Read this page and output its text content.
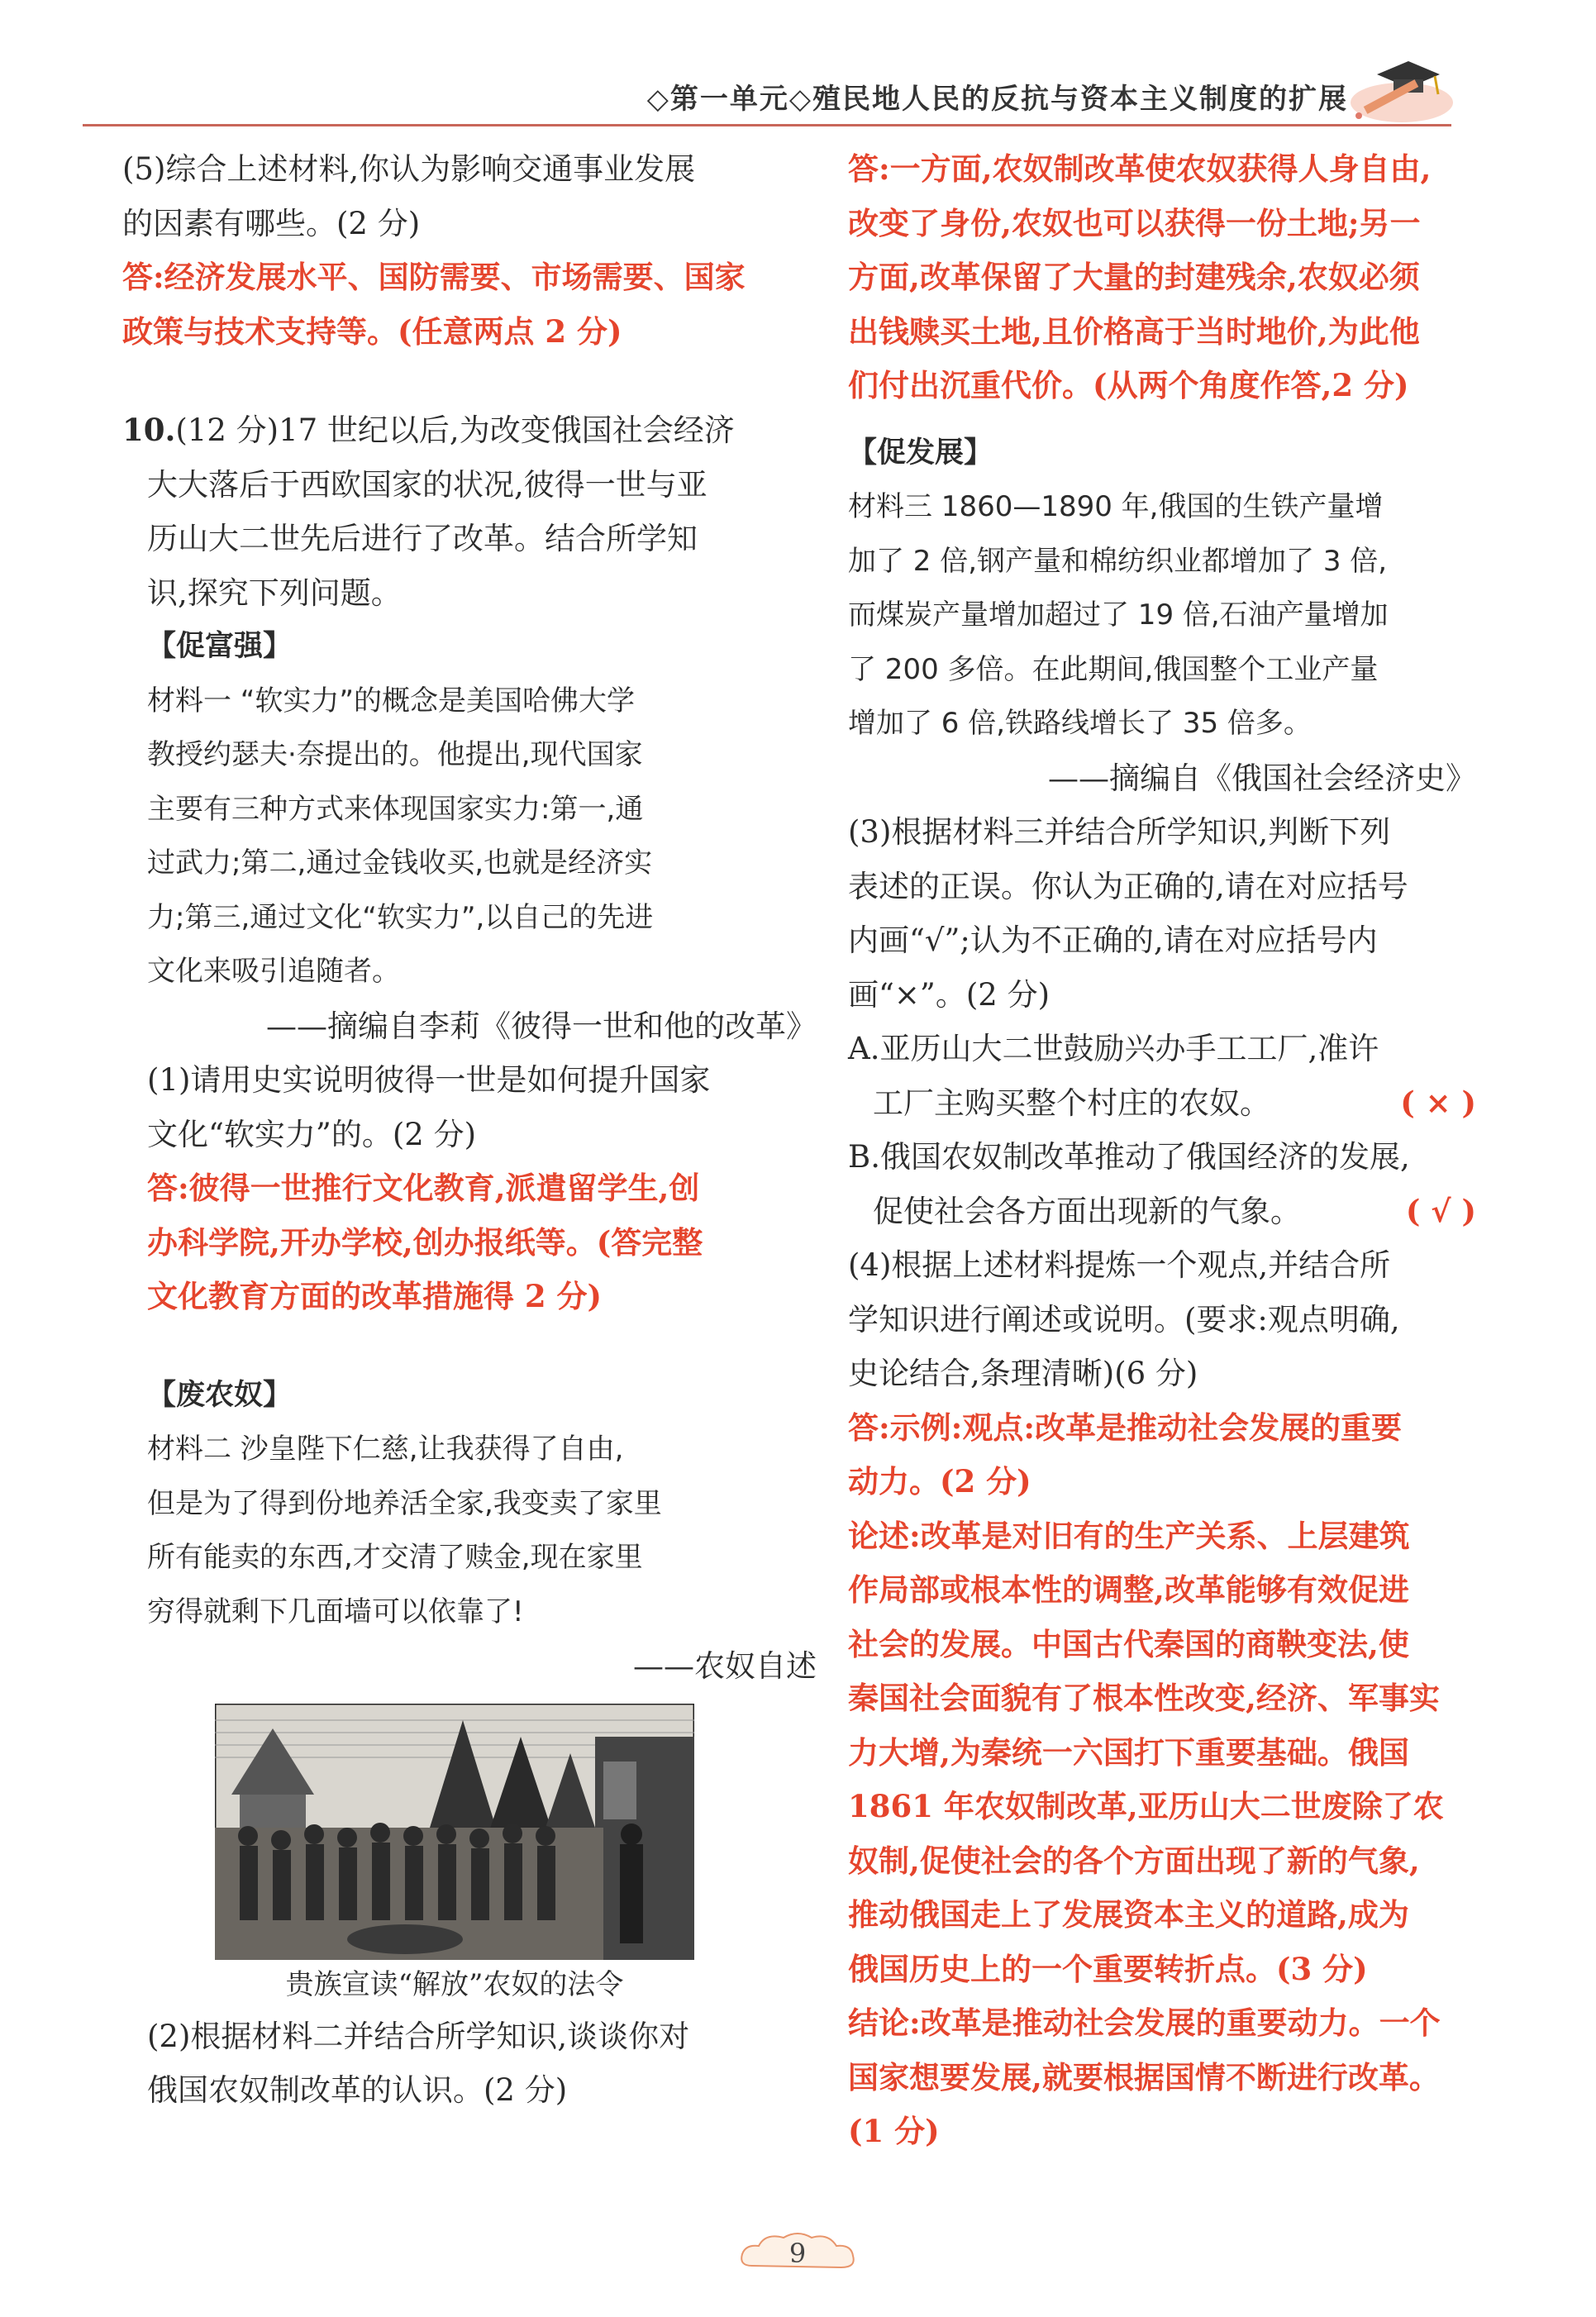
◇第一单元◇殖民地人民的反抗与资本主义制度的扩展

(5)综合上述材料,你认为影响交通事业发展

的因素有哪些。(2 分)

答:经济发展水平、国防需要、市场需要、国家

政策与技术支持等。(任意两点 2 分)

10.(12 分)17 世纪以后,为改变俄国社会经济

大大落后于西欧国家的状况,彼得一世与亚

历山大二世先后进行了改革。结合所学知

识,探究下列问题。

【促富强】

材料一 “软实力”的概念是美国哈佛大学

教授约瑟夫·奈提出的。他提出,现代国家

主要有三种方式来体现国家实力:第一,通

过武力;第二,通过金钱收买,也就是经济实

力;第三,通过文化“软实力”,以自己的先进

文化来吸引追随者。

——摘编自李莉《彼得一世和他的改革》

(1)请用史实说明彼得一世是如何提升国家

文化“软实力”的。(2 分)

答:彼得一世推行文化教育,派遣留学生,创

办科学院,开办学校,创办报纸等。(答完整

文化教育方面的改革措施得 2 分)

【废农奴】

材料二 沙皇陛下仁慈,让我获得了自由,

但是为了得到份地养活全家,我变卖了家里

所有能卖的东西,才交清了赎金,现在家里

穷得就剩下几面墙可以依靠了!

——农奴自述

贵族宣读“解放”农奴的法令

(2)根据材料二并结合所学知识,谈谈你对

俄国农奴制改革的认识。(2 分)

答:一方面,农奴制改革使农奴获得人身自由,

改变了身份,农奴也可以获得一份土地;另一

方面,改革保留了大量的封建残余,农奴必须

出钱赎买土地,且价格高于当时地价,为此他

们付出沉重代价。(从两个角度作答,2 分)

【促发展】

材料三 1860—1890 年,俄国的生铁产量增

加了 2 倍,钢产量和棉纺织业都增加了 3 倍,

而煤炭产量增加超过了 19 倍,石油产量增加

了 200 多倍。在此期间,俄国整个工业产量

增加了 6 倍,铁路线增长了 35 倍多。

——摘编自《俄国社会经济史》

(3)根据材料三并结合所学知识,判断下列

表述的正误。你认为正确的,请在对应括号

内画“√”;认为不正确的,请在对应括号内

画“×”。(2 分)

A.亚历山大二世鼓励兴办手工工厂,准许

工厂主购买整个村庄的农奴。	( × )

B.俄国农奴制改革推动了俄国经济的发展,

促使社会各方面出现新的气象。	( √ )

(4)根据上述材料提炼一个观点,并结合所

学知识进行阐述或说明。(要求:观点明确,

史论结合,条理清晰)(6 分)

答:示例:观点:改革是推动社会发展的重要

动力。(2 分)

论述:改革是对旧有的生产关系、上层建筑

作局部或根本性的调整,改革能够有效促进

社会的发展。中国古代秦国的商鞅变法,使

秦国社会面貌有了根本性改变,经济、军事实

力大增,为秦统一六国打下重要基础。俄国

1861 年农奴制改革,亚历山大二世废除了农

奴制,促使社会的各个方面出现了新的气象,

推动俄国走上了发展资本主义的道路,成为

俄国历史上的一个重要转折点。(3 分)

结论:改革是推动社会发展的重要动力。一个

国家想要发展,就要根据国情不断进行改革。

(1 分)

9
